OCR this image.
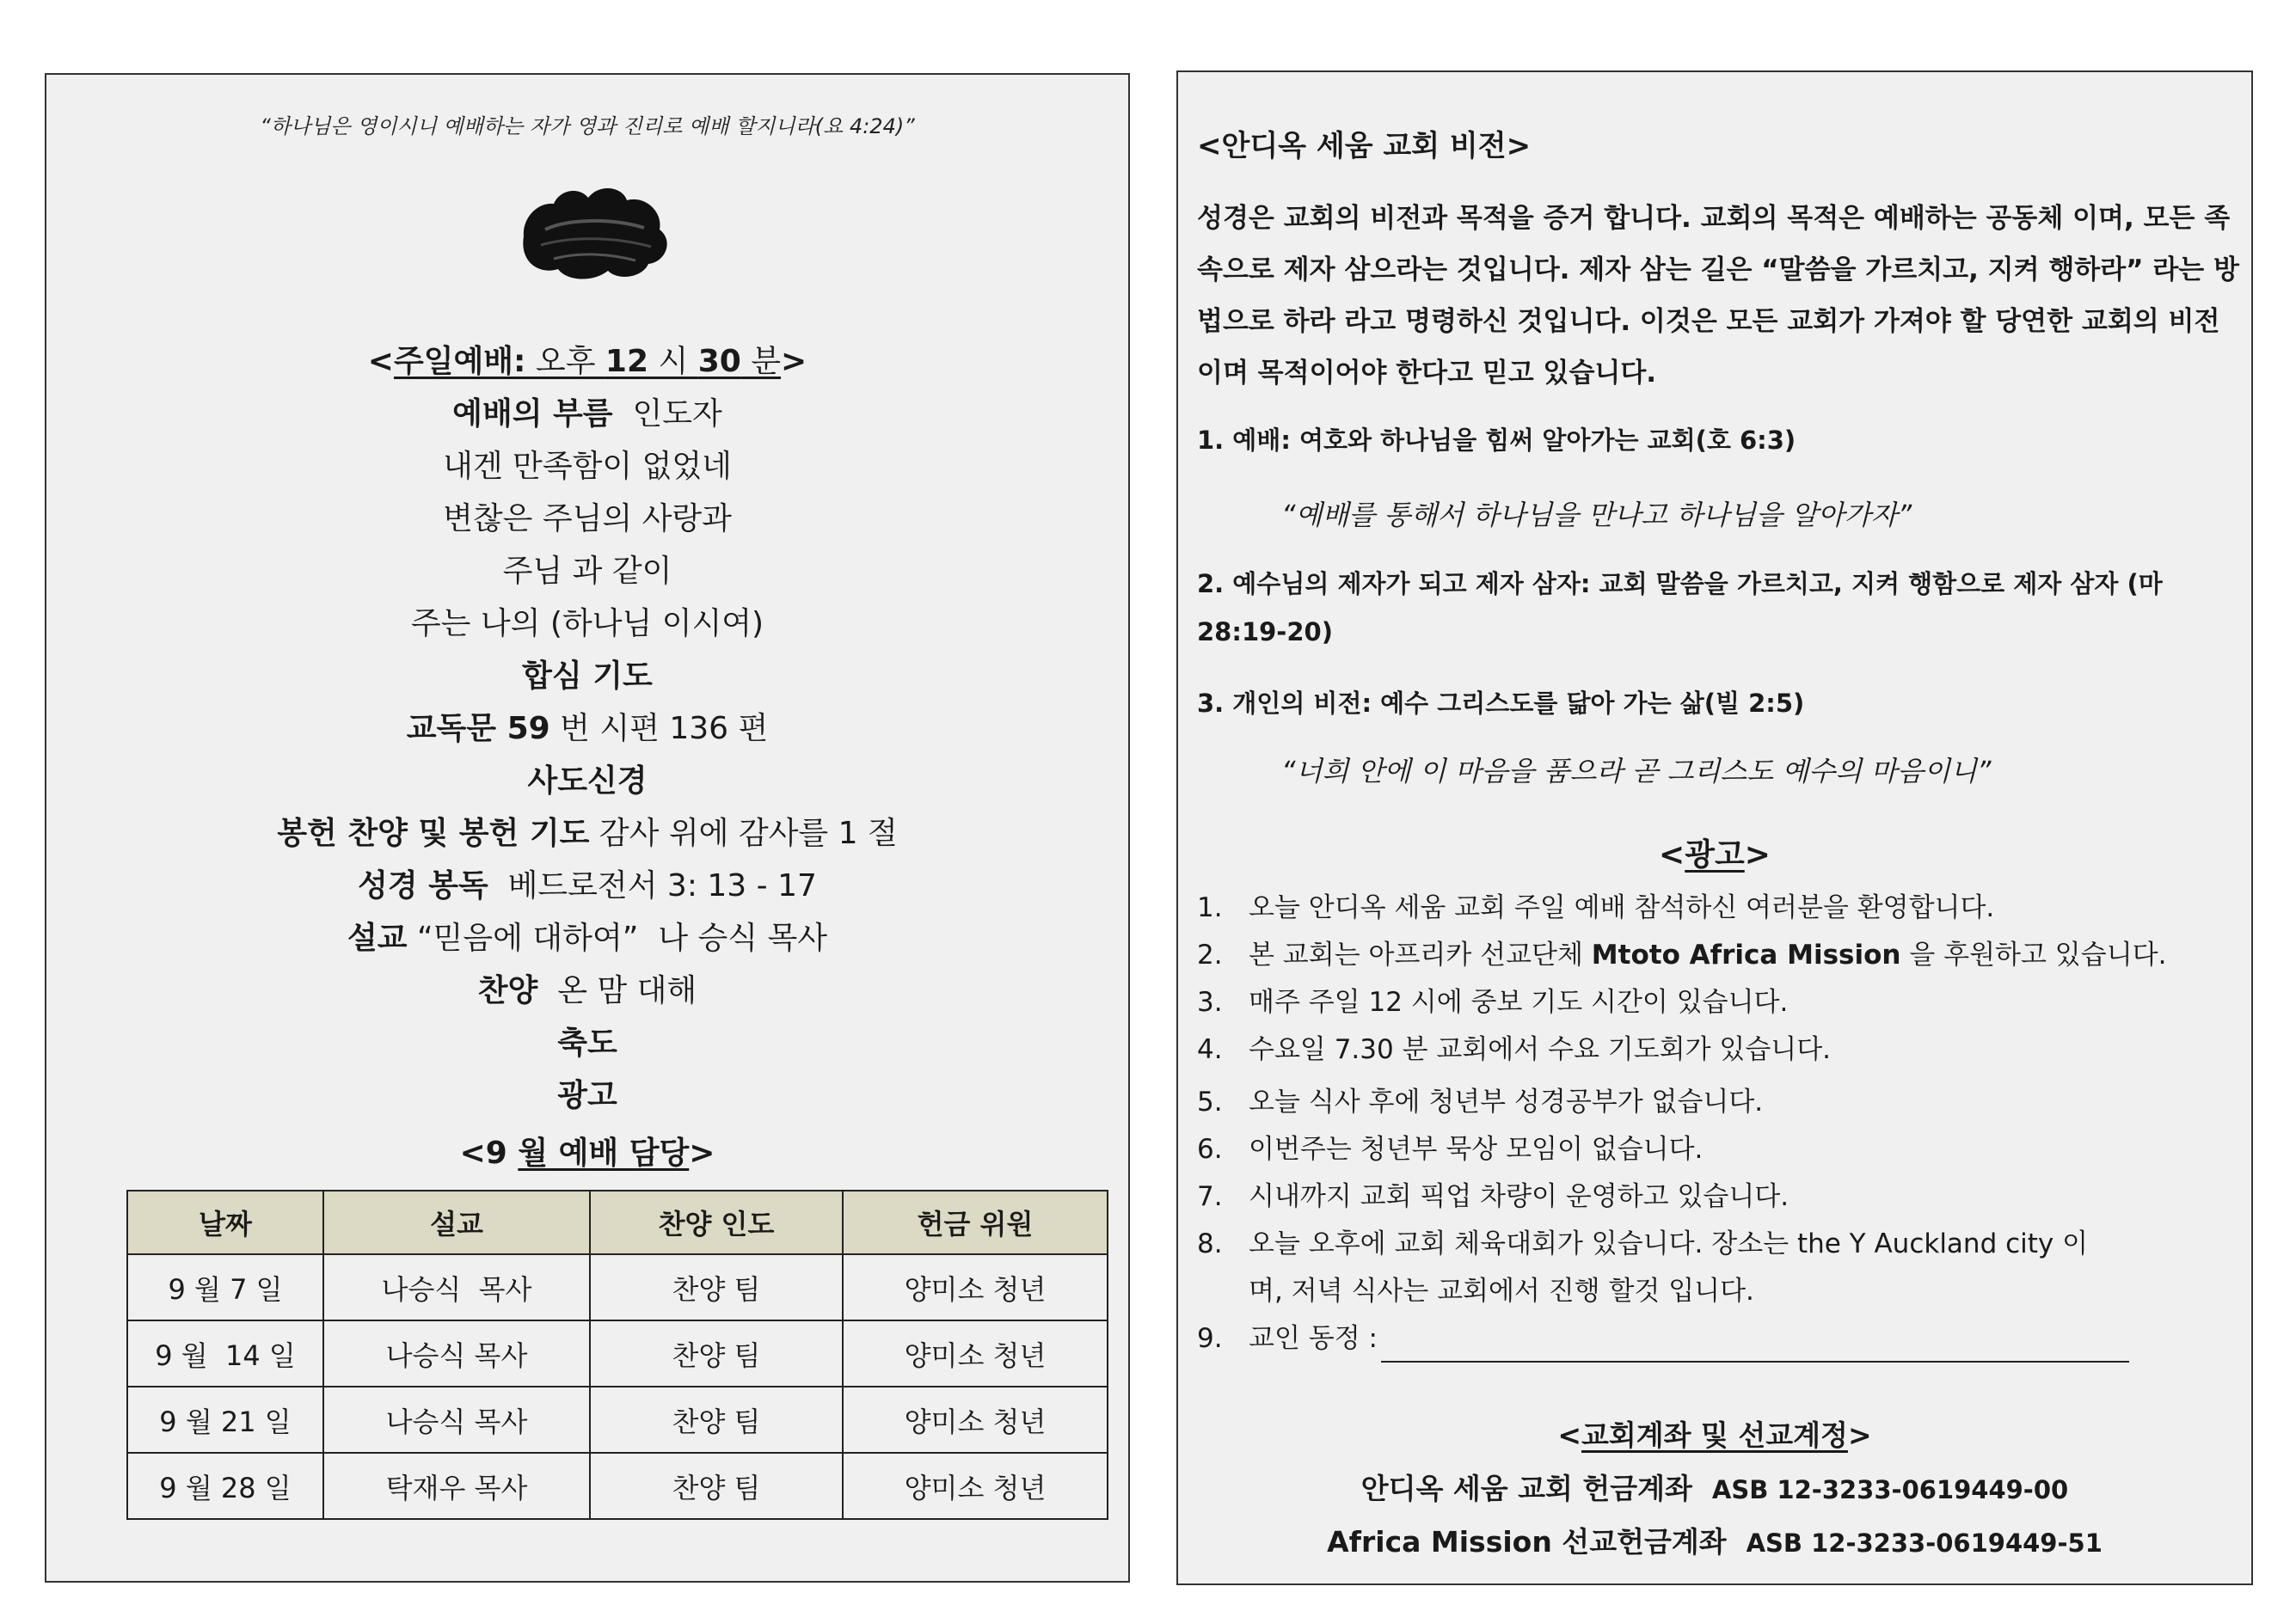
“하나님은 영이시니 예배하는 자가 영과 진리로 예배 할지니라(요 4:24)”
<주일예배: 오후 12 시 30 분>
예배의 부름  인도자
내겐 만족함이 없었네
변찮은 주님의 사랑과
주님 과 같이
주는 나의 (하나님 이시여)
합심 기도
교독문 59 번 시편 136 편
사도신경
봉헌 찬양 및 봉헌 기도 감사 위에 감사를 1 절
성경 봉독  베드로전서 3: 13 - 17
설교 “믿음에 대하여”  나 승식 목사
찬양  온 맘 대해
축도
광고
<9 월 예배 담당>
날짜	설교	찬양 인도	헌금 위원
9 월 7 일	나승식  목사	찬양 팀	양미소 청년
9 월  14 일	나승식 목사	찬양 팀	양미소 청년
9 월 21 일	나승식 목사	찬양 팀	양미소 청년
9 월 28 일	탁재우 목사	찬양 팀	양미소 청년
<안디옥 세움 교회 비전>
성경은 교회의 비전과 목적을 증거 합니다. 교회의 목적은 예배하는 공동체 이며, 모든 족속으로 제자 삼으라는 것입니다. 제자 삼는 길은 “말씀을 가르치고, 지켜 행하라” 라는 방법으로 하라 라고 명령하신 것입니다. 이것은 모든 교회가 가져야 할 당연한 교회의 비전이며 목적이어야 한다고 믿고 있습니다.
1. 예배: 여호와 하나님을 힘써 알아가는 교회(호 6:3)
“예배를 통해서 하나님을 만나고 하나님을 알아가자”
2. 예수님의 제자가 되고 제자 삼자: 교회 말씀을 가르치고, 지켜 행함으로 제자 삼자 (마 28:19-20)
3. 개인의 비전: 예수 그리스도를 닮아 가는 삶(빌 2:5)
“너희 안에 이 마음을 품으라 곧 그리스도 예수의 마음이니”
<광고>
1. 오늘 안디옥 세움 교회 주일 예배 참석하신 여러분을 환영합니다.
2. 본 교회는 아프리카 선교단체 Mtoto Africa Mission 을 후원하고 있습니다.
3. 매주 주일 12 시에 중보 기도 시간이 있습니다.
4. 수요일 7.30 분 교회에서 수요 기도회가 있습니다.
5. 오늘 식사 후에 청년부 성경공부가 없습니다.
6. 이번주는 청년부 묵상 모임이 없습니다.
7. 시내까지 교회 픽업 차량이 운영하고 있습니다.
8. 오늘 오후에 교회 체육대회가 있습니다. 장소는 the Y Auckland city 이며, 저녁 식사는 교회에서 진행 할것 입니다.
9. 교인 동정 :
<교회계좌 및 선교계정>
안디옥 세움 교회 헌금계좌 ASB 12-3233-0619449-00
Africa Mission 선교헌금계좌 ASB 12-3233-0619449-51
